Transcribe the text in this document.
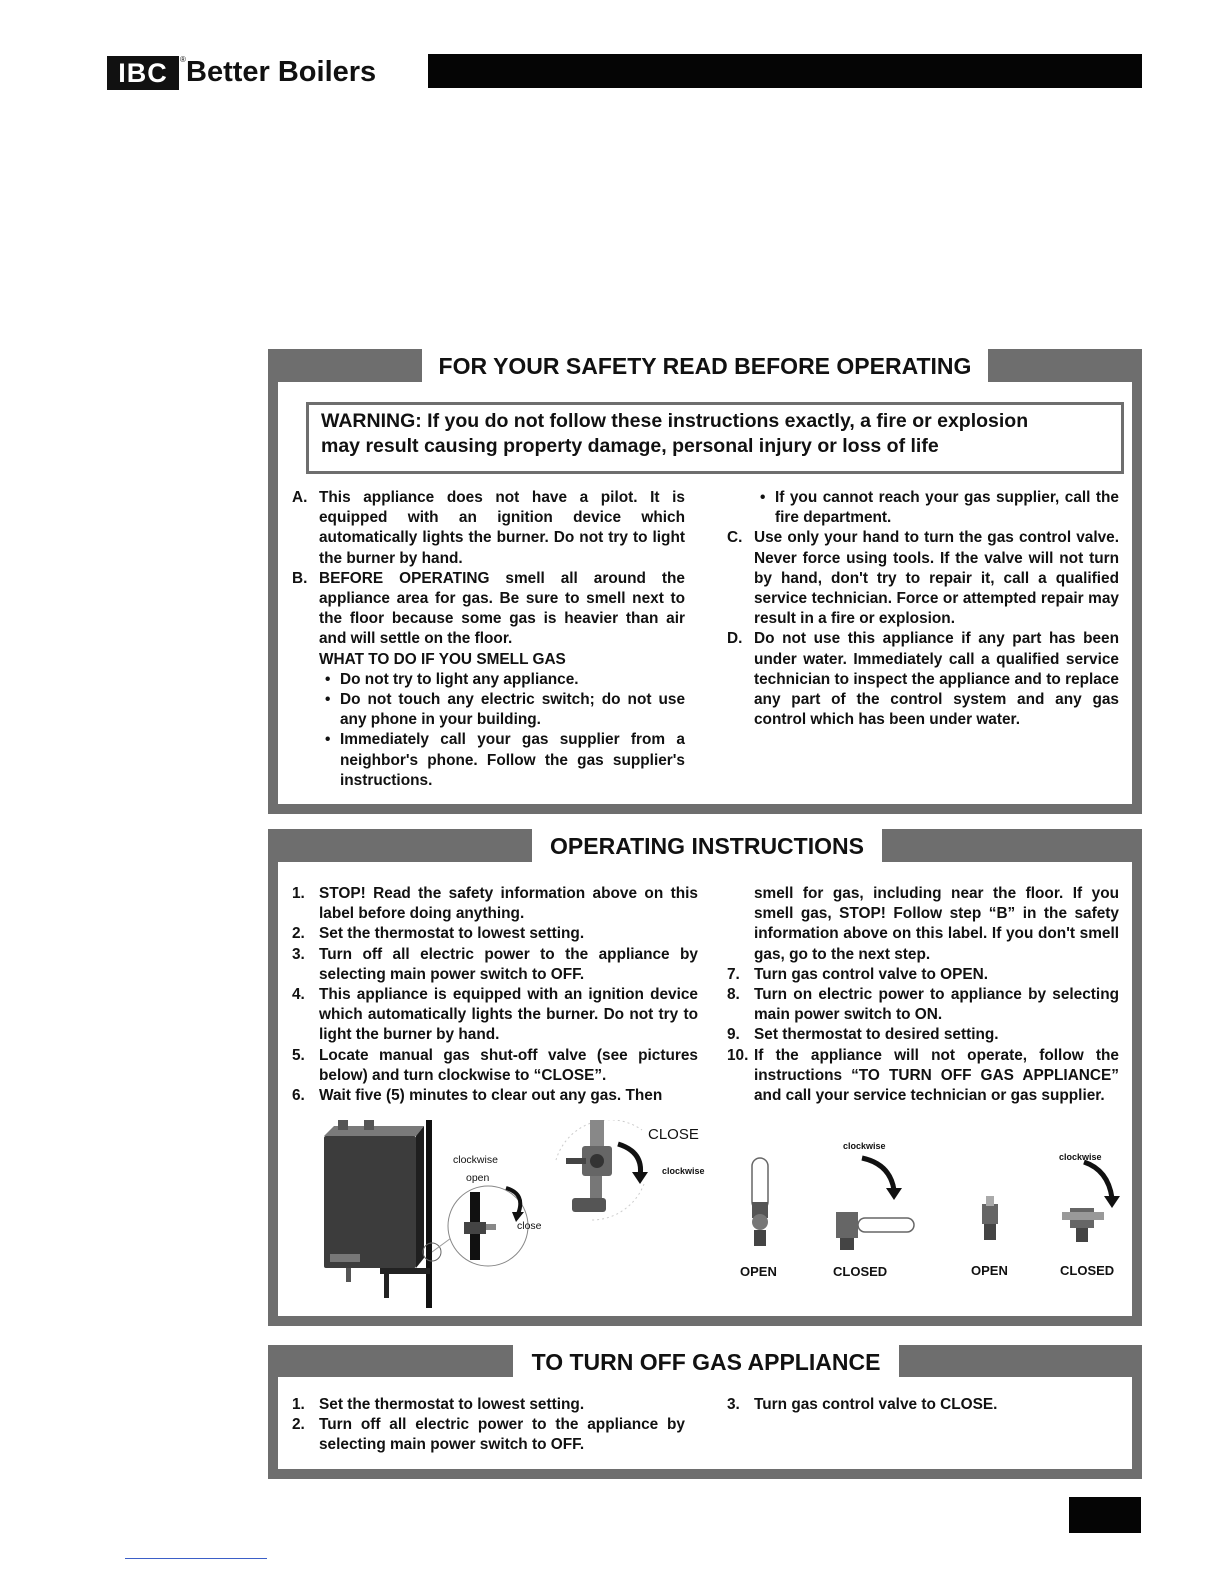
IBC	® Better Boilers
FOR YOUR SAFETY READ BEFORE OPERATING
WARNING: If you do not follow these instructions exactly, a fire or explosion
may result causing property damage, personal injury or loss of life
A. This appliance does not have a pilot. It is equipped with an ignition device which automatically lights the burner. Do not try to light the burner by hand.
B. BEFORE OPERATING smell all around the appliance area for gas. Be sure to smell next to the floor because some gas is heavier than air and will settle on the floor.
WHAT TO DO IF YOU SMELL GAS
• Do not try to light any appliance.
• Do not touch any electric switch; do not use any phone in your building.
• Immediately call your gas supplier from a neighbor's phone. Follow the gas supplier's instructions.
• If you cannot reach your gas supplier, call the fire department.
C. Use only your hand to turn the gas control valve. Never force using tools. If the valve will not turn by hand, don't try to repair it, call a qualified service technician. Force or attempted repair may result in a fire or explosion.
D. Do not use this appliance if any part has been under water. Immediately call a qualified service technician to inspect the appliance and to replace any part of the control system and any gas control which has been under water.
OPERATING INSTRUCTIONS
1. STOP! Read the safety information above on this label before doing anything.
2. Set the thermostat to lowest setting.
3. Turn off all electric power to the appliance by selecting main power switch to OFF.
4. This appliance is equipped with an ignition device which automatically lights the burner. Do not try to light the burner by hand.
5. Locate manual gas shut-off valve (see pictures below) and turn clockwise to “CLOSE”.
6. Wait five (5) minutes to clear out any gas. Then
smell for gas, including near the floor. If you smell gas, STOP! Follow step “B” in the safety information above on this label. If you don't smell gas, go to the next step.
7. Turn gas control valve to OPEN.
8. Turn on electric power to appliance by selecting main power switch to ON.
9. Set thermostat to desired setting.
10. If the appliance will not operate, follow the instructions “TO TURN OFF GAS APPLIANCE” and call your service technician or gas supplier.
clockwise
open
close
CLOSE
clockwise
clockwise
clockwise
OPEN	CLOSED	OPEN	CLOSED
TO TURN OFF GAS APPLIANCE
1. Set the thermostat to lowest setting.
2. Turn off all electric power to the appliance by selecting main power switch to OFF.
3. Turn gas control valve to CLOSE.
